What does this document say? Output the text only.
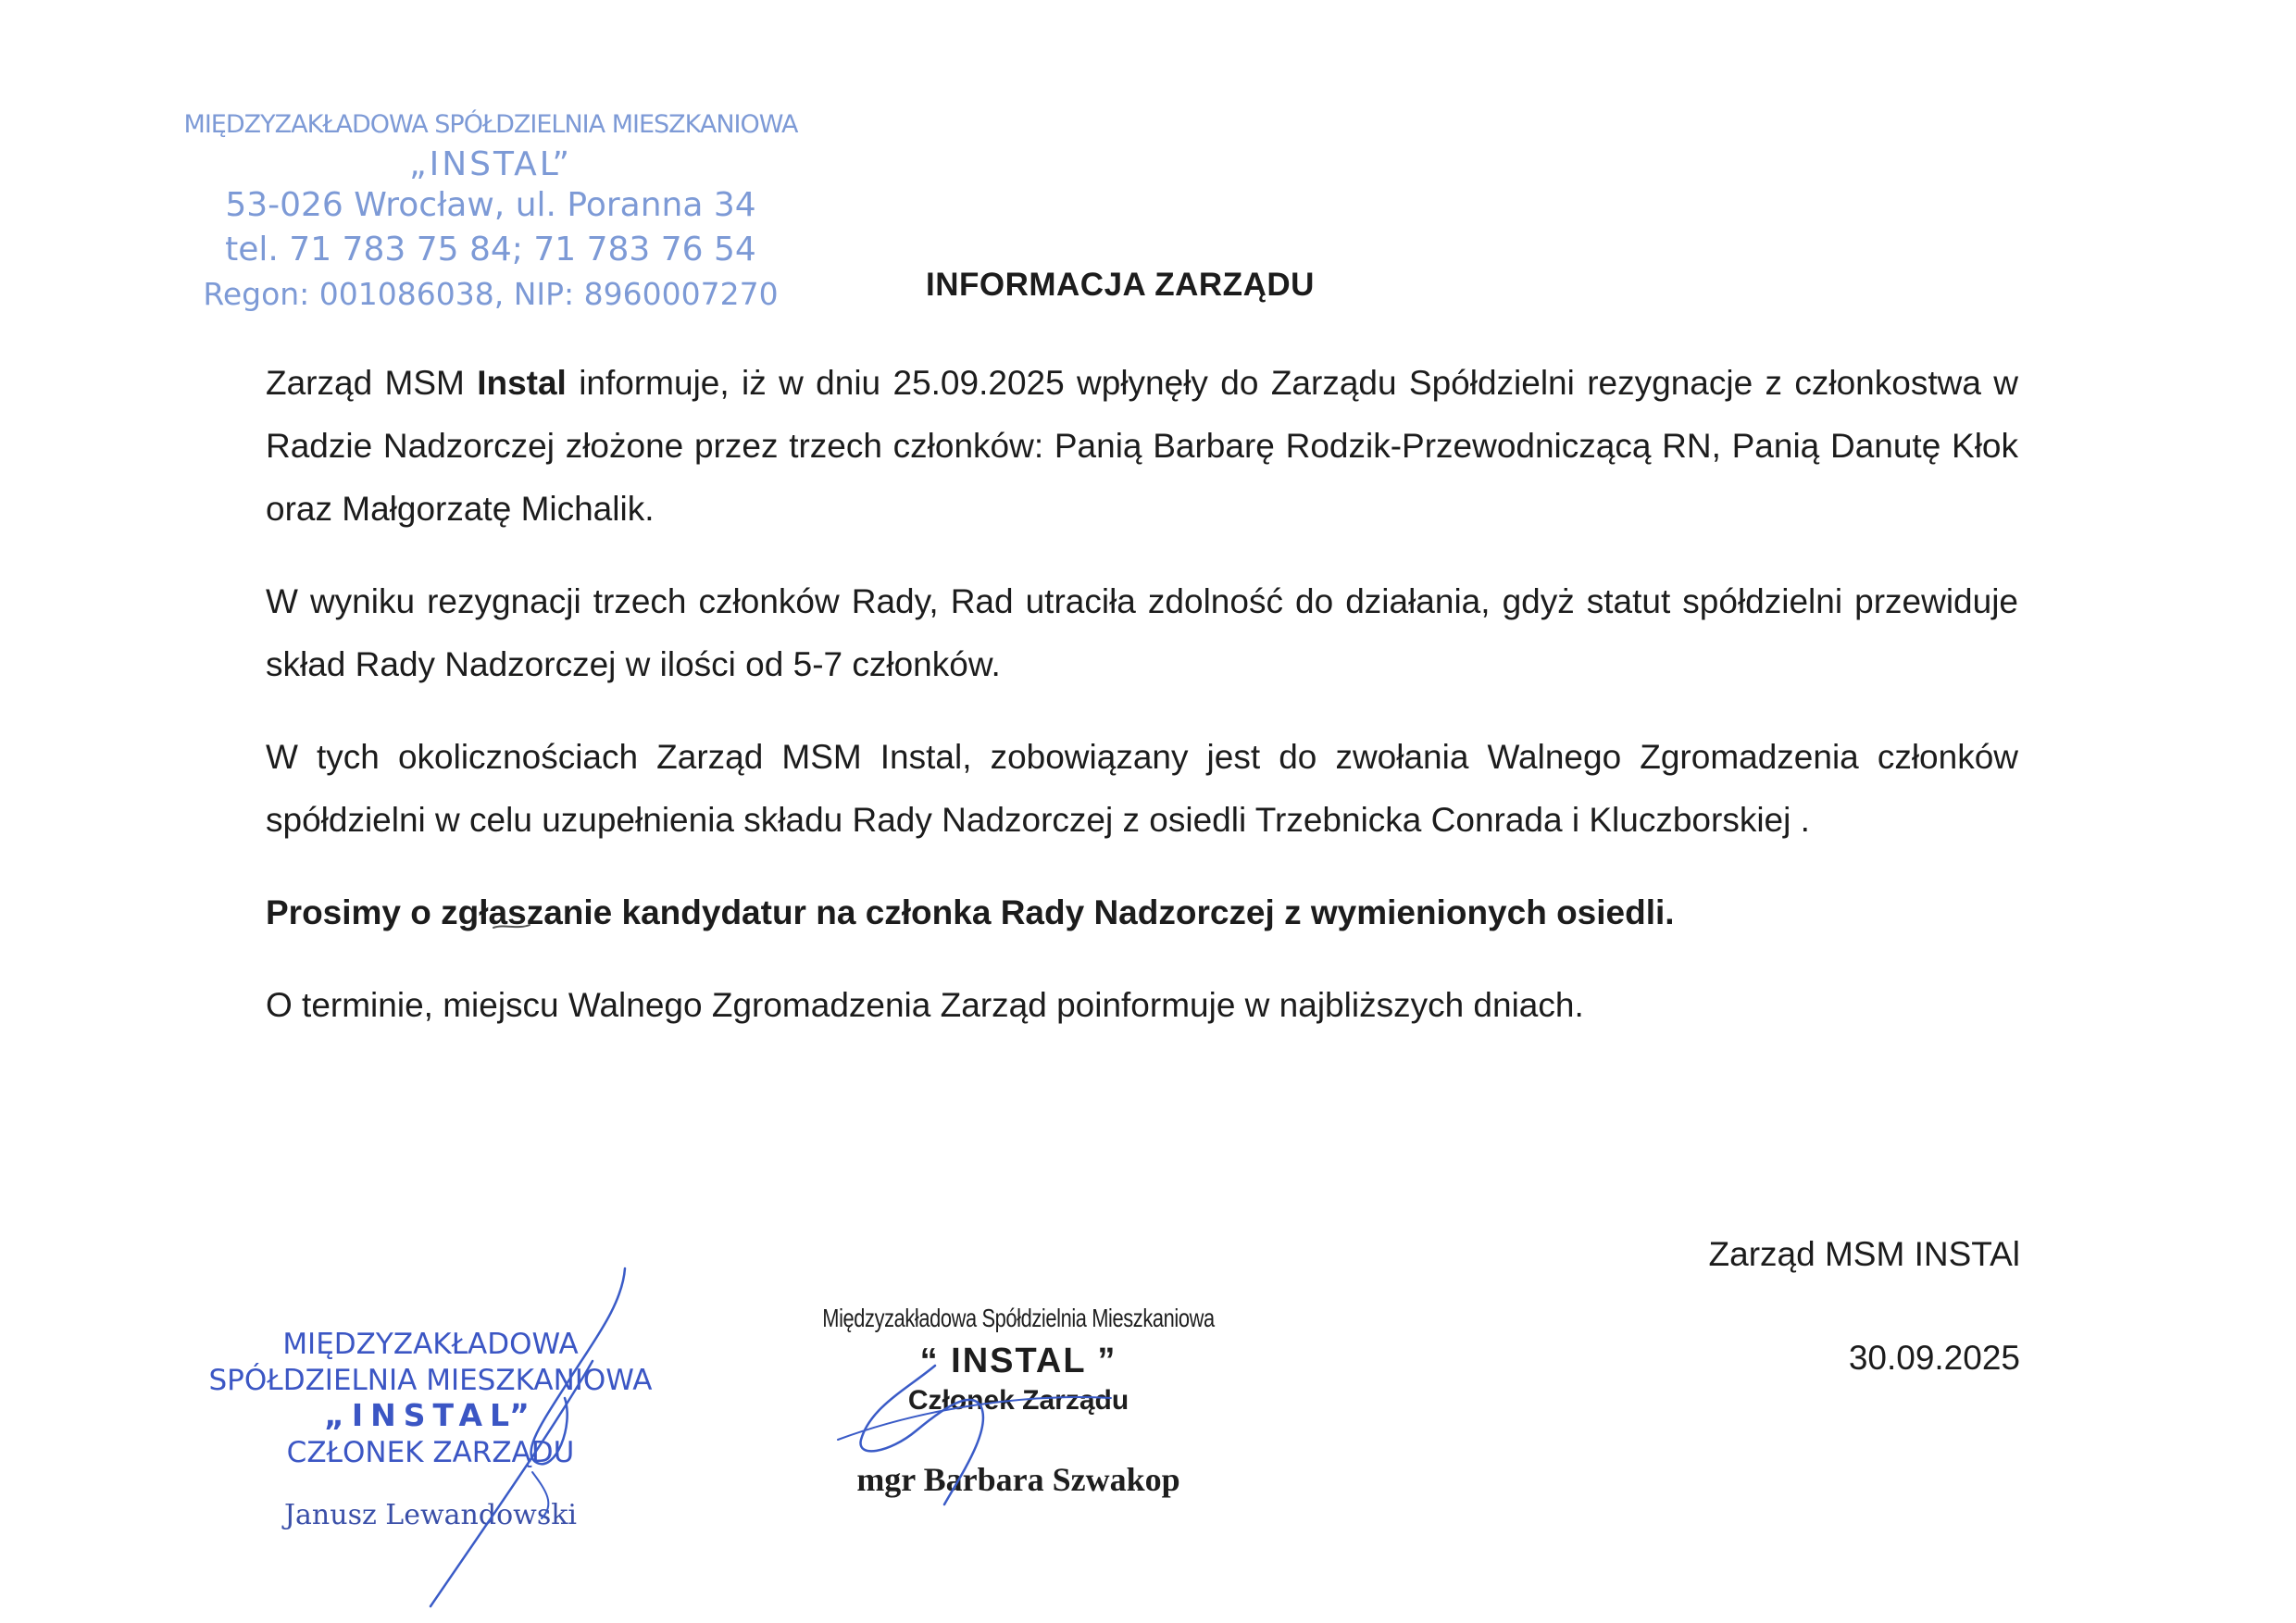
MIĘDZYZAKŁADOWA SPÓŁDZIELNIA MIESZKANIOWA
„INSTAL”
53-026 Wrocław, ul. Poranna 34
tel. 71 783 75 84; 71 783 76 54
Regon: 001086038, NIP: 8960007270	INFORMACJA ZARZĄDU

Zarząd MSM Instal informuje, iż w dniu 25.09.2025 wpłynęły do Zarządu Spółdzielni rezygnacje z członkostwa w Radzie Nadzorczej złożone przez trzech członków: Panią Barbarę Rodzik-Przewodniczącą RN, Panią Danutę Kłok oraz Małgorzatę Michalik.

W wyniku rezygnacji trzech członków Rady, Rad utraciła zdolność do działania, gdyż statut spółdzielni przewiduje skład Rady Nadzorczej w ilości od 5-7 członków.

W tych okolicznościach Zarząd MSM Instal, zobowiązany jest do zwołania Walnego Zgromadzenia członków spółdzielni w celu uzupełnienia składu Rady Nadzorczej z osiedli Trzebnicka Conrada i Kluczborskiej .

Prosimy o zgłaszanie kandydatur na członka Rady Nadzorczej z wymienionych osiedli.

O terminie, miejscu Walnego Zgromadzenia Zarząd poinformuje w najbliższych dniach.

Zarząd MSM INSTAl
30.09.2025
MIĘDZYZAKŁADOWA
SPÓŁDZIELNIA MIESZKANIOWA
„INSTAL”
CZŁONEK ZARZĄDU
Janusz Lewandowski
Międzyzakładowa Spółdzielnia Mieszkaniowa
“ INSTAL ”
Członek Zarządu
mgr Barbara Szwakop
